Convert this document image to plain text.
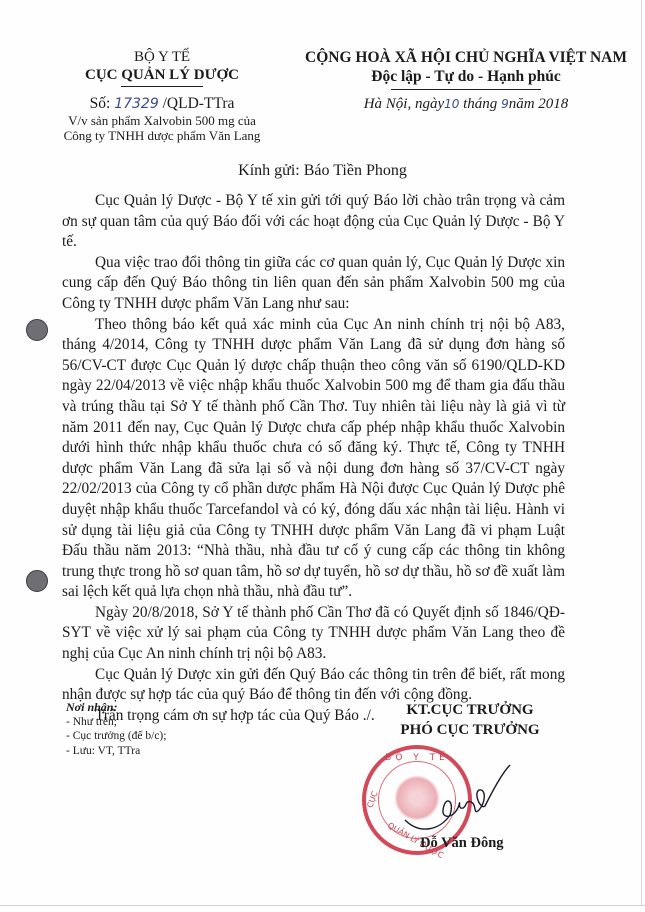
BỘ Y TẾ
CỤC QUẢN LÝ DƯỢC
Số: 17329 /QLD-TTra
V/v sản phẩm Xalvobin 500 mg của
Công ty TNHH dược phẩm Văn Lang
CỘNG HOÀ XÃ HỘI CHỦ NGHĨA VIỆT NAM
Độc lập - Tự do - Hạnh phúc
Hà Nội, ngày10 tháng 9năm 2018
Kính gửi: Báo Tiền Phong

Cục Quản lý Dược - Bộ Y tế xin gửi tới quý Báo lời chào trân trọng và cảm ơn sự quan tâm của quý Báo đối với các hoạt động của Cục Quản lý Dược - Bộ Y tế.

Qua việc trao đổi thông tin giữa các cơ quan quản lý, Cục Quản lý Dược xin cung cấp đến Quý Báo thông tin liên quan đến sản phẩm Xalvobin 500 mg của Công ty TNHH dược phẩm Văn Lang như sau:

Theo thông báo kết quả xác minh của Cục An ninh chính trị nội bộ A83, tháng 4/2014, Công ty TNHH dược phẩm Văn Lang đã sử dụng đơn hàng số 56/CV-CT được Cục Quản lý dược chấp thuận theo công văn số 6190/QLD-KD ngày 22/04/2013 về việc nhập khẩu thuốc Xalvobin 500 mg để tham gia đấu thầu và trúng thầu tại Sở Y tế thành phố Cần Thơ. Tuy nhiên tài liệu này là giả vì từ năm 2011 đến nay, Cục Quản lý Dược chưa cấp phép nhập khẩu thuốc Xalvobin dưới hình thức nhập khẩu thuốc chưa có số đăng ký. Thực tế, Công ty TNHH dược phẩm Văn Lang đã sửa lại số và nội dung đơn hàng số 37/CV-CT ngày 22/02/2013 của Công ty cổ phần dược phẩm Hà Nội được Cục Quản lý Dược phê duyệt nhập khẩu thuốc Tarcefandol và có ký, đóng dấu xác nhận tài liệu. Hành vi sử dụng tài liệu giả của Công ty TNHH dược phẩm Văn Lang đã vi phạm Luật Đấu thầu năm 2013: “Nhà thầu, nhà đầu tư cố ý cung cấp các thông tin không trung thực trong hồ sơ quan tâm, hồ sơ dự tuyển, hồ sơ dự thầu, hồ sơ đề xuất làm sai lệch kết quả lựa chọn nhà thầu, nhà đầu tư”.

Ngày 20/8/2018, Sở Y tế thành phố Cần Thơ đã có Quyết định số 1846/QĐ-SYT về việc xử lý sai phạm của Công ty TNHH dược phẩm Văn Lang theo đề nghị của Cục An ninh chính trị nội bộ A83.

Cục Quản lý Dược xin gửi đến Quý Báo các thông tin trên để biết, rất mong nhận được sự hợp tác của quý Báo để thông tin đến với cộng đồng.

Trân trọng cám ơn sự hợp tác của Quý Báo ./.

Nơi nhận:
- Như trên;
- Cục trưởng (để b/c);
- Lưu: VT, TTra
KT.CỤC TRƯỞNG
PHÓ CỤC TRƯỞNG
BỘ Y TẾ
CỤC
QUẢN LÝ DƯỢC
Đỗ Văn Đông
